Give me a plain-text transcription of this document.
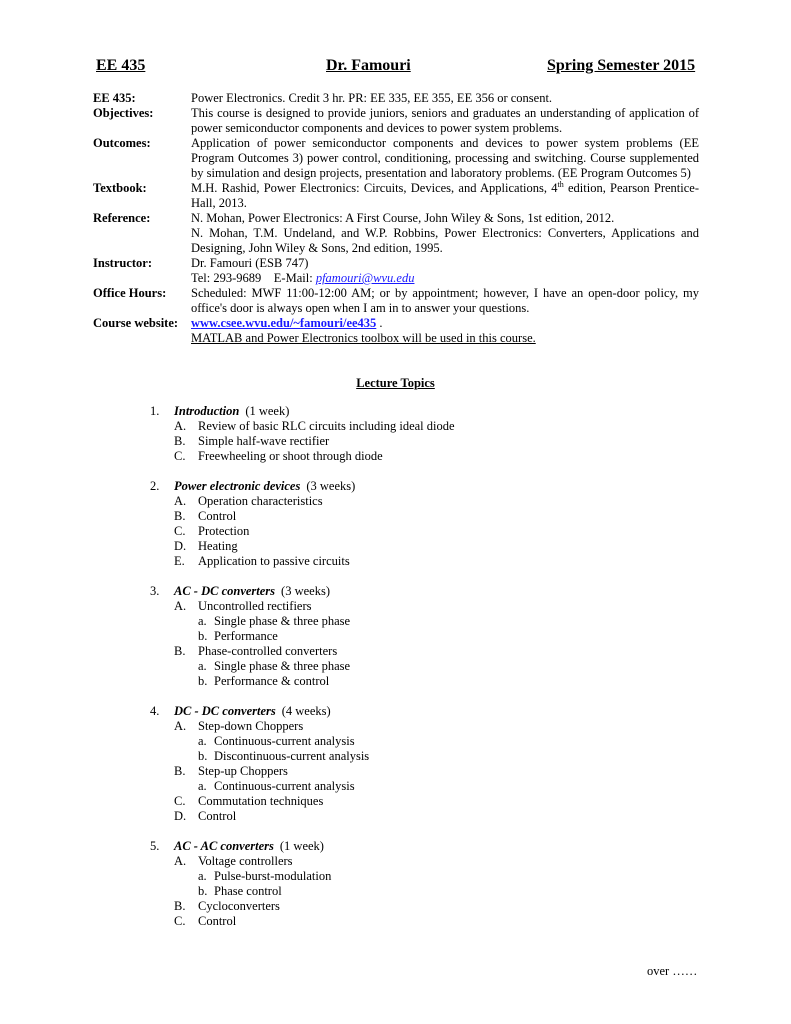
EE 435	Dr. Famouri	Spring Semester 2015
EE 435:	Power Electronics. Credit 3 hr. PR: EE 335, EE 355, EE 356 or consent.
Objectives:	This course is designed to provide juniors, seniors and graduates an understanding of application of power semiconductor components and devices to power system problems.
Outcomes:	Application of power semiconductor components and devices to power system problems (EE Program Outcomes 3) power control, conditioning, processing and switching. Course supplemented by simulation and design projects, presentation and laboratory problems. (EE Program Outcomes 5)
Textbook:	M.H. Rashid, Power Electronics: Circuits, Devices, and Applications, 4th edition, Pearson Prentice-Hall, 2013.
Reference:	N. Mohan, Power Electronics: A First Course, John Wiley & Sons, 1st edition, 2012.

N. Mohan, T.M. Undeland, and W.P. Robbins, Power Electronics: Converters, Applications and Designing, John Wiley & Sons, 2nd edition, 1995.

Instructor:	Dr. Famouri (ESB 747)

Tel: 293-9689    E-Mail: pfamouri@wvu.edu

Office Hours:	Scheduled: MWF 11:00-12:00 AM; or by appointment; however, I have an open-door policy, my office's door is always open when I am in to answer your questions.
Course website:	www.csee.wvu.edu/~famouri/ee435 .

MATLAB and Power Electronics toolbox will be used in this course.

Lecture Topics
1.	Introduction (1 week)
A. Review of basic RLC circuits including ideal diode
B.	Simple half-wave rectifier
C.	Freewheeling or shoot through diode
2.	Power electronic devices (3 weeks)
A. Operation characteristics
B.	Control
C.	Protection
D. Heating
E.	Application to passive circuits
3.	AC - DC converters (3 weeks)
A. Uncontrolled rectifiers
a. Single phase & three phase
b. Performance
B.	Phase-controlled converters
a. Single phase & three phase
b. Performance & control
4.	DC - DC converters (4 weeks)
A. Step-down Choppers
a. Continuous-current analysis
b. Discontinuous-current analysis
B.	Step-up Choppers
a. Continuous-current analysis
C.	Commutation techniques
D. Control
5.	AC - AC converters (1 week)
A. Voltage controllers
a. Pulse-burst-modulation
b. Phase control
B.	Cycloconverters
C.	Control
over ……
